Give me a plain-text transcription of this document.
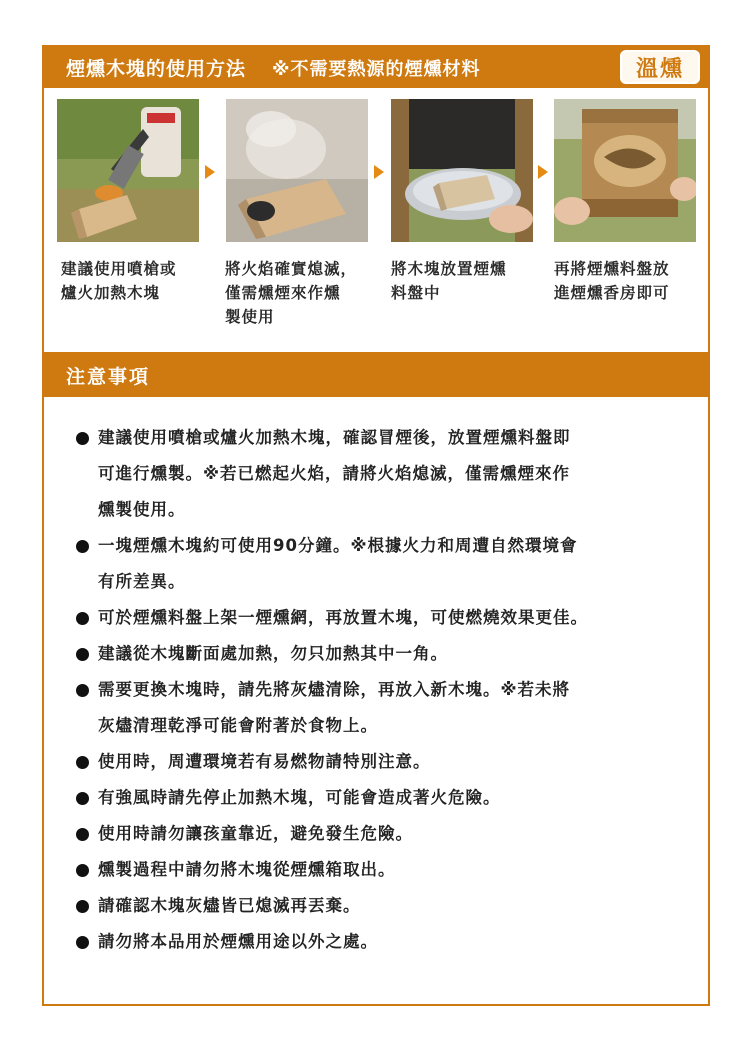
煙燻木塊的使用方法 ※不需要熱源的煙燻材料	溫燻
建議使用噴槍或
爐火加熱木塊
將火焰確實熄滅，
僅需燻煙來作燻
製使用
將木塊放置煙燻
料盤中
再將煙燻料盤放
進煙燻香房即可
注意事項
建議使用噴槍或爐火加熱木塊，確認冒煙後，放置煙燻料盤即
可進行燻製。※若已燃起火焰，請將火焰熄滅，僅需燻煙來作
燻製使用。
一塊煙燻木塊約可使用90分鐘。※根據火力和周遭自然環境會
有所差異。
可於煙燻料盤上架一煙燻網，再放置木塊，可使燃燒效果更佳。
建議從木塊斷面處加熱，勿只加熱其中一角。
需要更換木塊時，請先將灰燼清除，再放入新木塊。※若未將
灰燼清理乾淨可能會附著於食物上。
使用時，周遭環境若有易燃物請特別注意。
有強風時請先停止加熱木塊，可能會造成著火危險。
使用時請勿讓孩童靠近，避免發生危險。
燻製過程中請勿將木塊從煙燻箱取出。
請確認木塊灰燼皆已熄滅再丟棄。
請勿將本品用於煙燻用途以外之處。
